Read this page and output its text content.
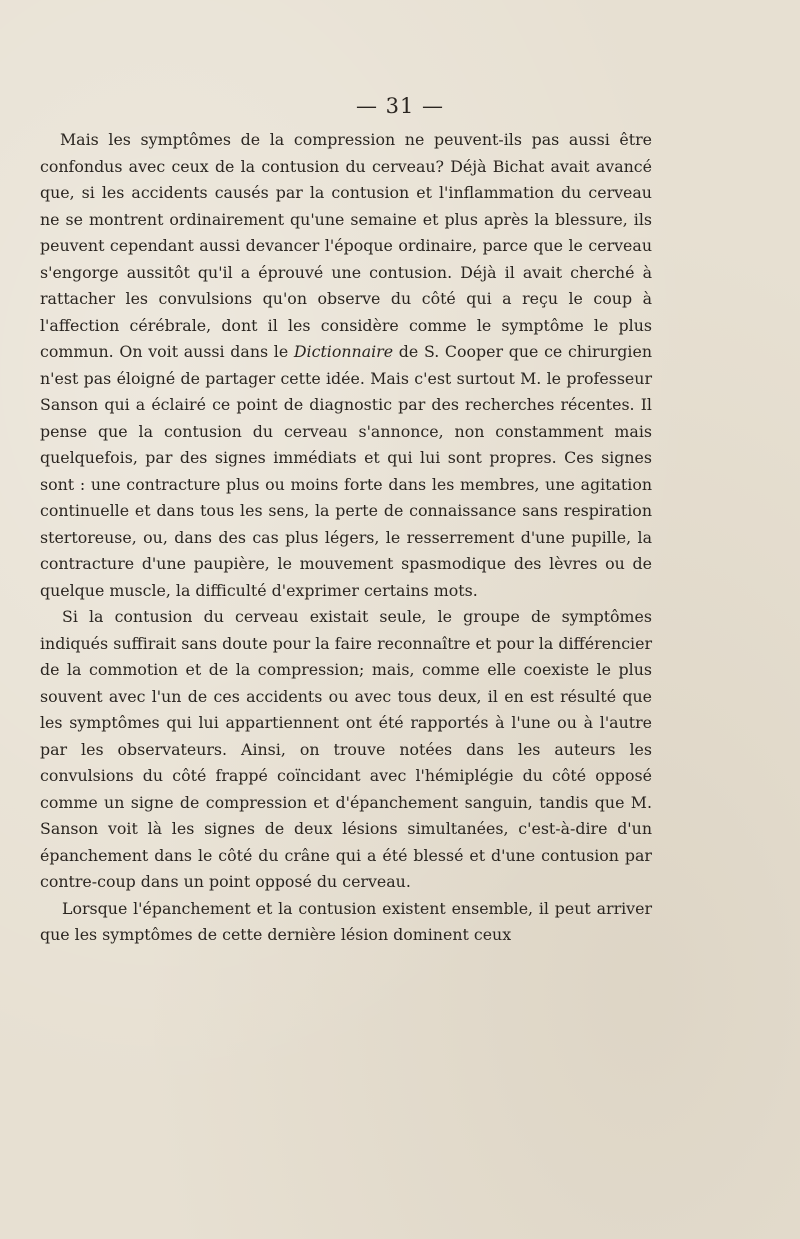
— 31 —

Mais les symptômes de la compression ne peuvent-ils pas aussi être confondus avec ceux de la contusion du cerveau? Déjà Bichat avait avancé que, si les accidents causés par la contusion et l'inflammation du cerveau ne se montrent ordinairement qu'une semaine et plus après la blessure, ils peuvent cependant aussi devancer l'époque ordinaire, parce que le cerveau s'engorge aussitôt qu'il a éprouvé une contusion. Déjà il avait cherché à rattacher les convulsions qu'on observe du côté qui a reçu le coup à l'affection cérébrale, dont il les considère comme le symptôme le plus commun. On voit aussi dans le Dictionnaire de S. Cooper que ce chirurgien n'est pas éloigné de partager cette idée. Mais c'est surtout M. le professeur Sanson qui a éclairé ce point de diagnostic par des recherches récentes. Il pense que la contusion du cerveau s'annonce, non constamment mais quelquefois, par des signes immédiats et qui lui sont propres. Ces signes sont : une contracture plus ou moins forte dans les membres, une agitation continuelle et dans tous les sens, la perte de connaissance sans respiration stertoreuse, ou, dans des cas plus légers, le resserrement d'une pupille, la contracture d'une paupière, le mouvement spasmodique des lèvres ou de quelque muscle, la difficulté d'exprimer certains mots.

Si la contusion du cerveau existait seule, le groupe de symptômes indiqués suffirait sans doute pour la faire reconnaître et pour la différencier de la commotion et de la compression; mais, comme elle coexiste le plus souvent avec l'un de ces accidents ou avec tous deux, il en est résulté que les symptômes qui lui appartiennent ont été rapportés à l'une ou à l'autre par les observateurs. Ainsi, on trouve notées dans les auteurs les convulsions du côté frappé coïncidant avec l'hémiplégie du côté opposé comme un signe de compression et d'épanchement sanguin, tandis que M. Sanson voit là les signes de deux lésions simultanées, c'est-à-dire d'un épanchement dans le côté du crâne qui a été blessé et d'une contusion par contre-coup dans un point opposé du cerveau.

Lorsque l'épanchement et la contusion existent ensemble, il peut arriver que les symptômes de cette dernière lésion dominent ceux
